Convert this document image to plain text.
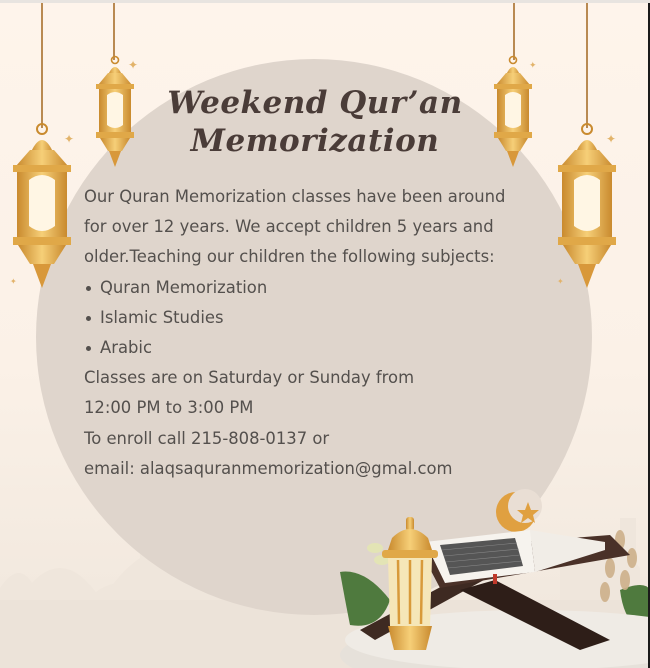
✦
✦
✦
✦
✦
✦
Weekend Qur’an
Memorization
Our Quran Memorization classes have been around
for over 12 years. We accept children 5 years and
older.Teaching our children the following subjects:
Quran Memorization
Islamic Studies
Arabic
Classes are on Saturday or Sunday from
12:00 PM to 3:00 PM
To enroll call 215-808-0137 or
email: alaqsaquranmemorization@gmal.com
